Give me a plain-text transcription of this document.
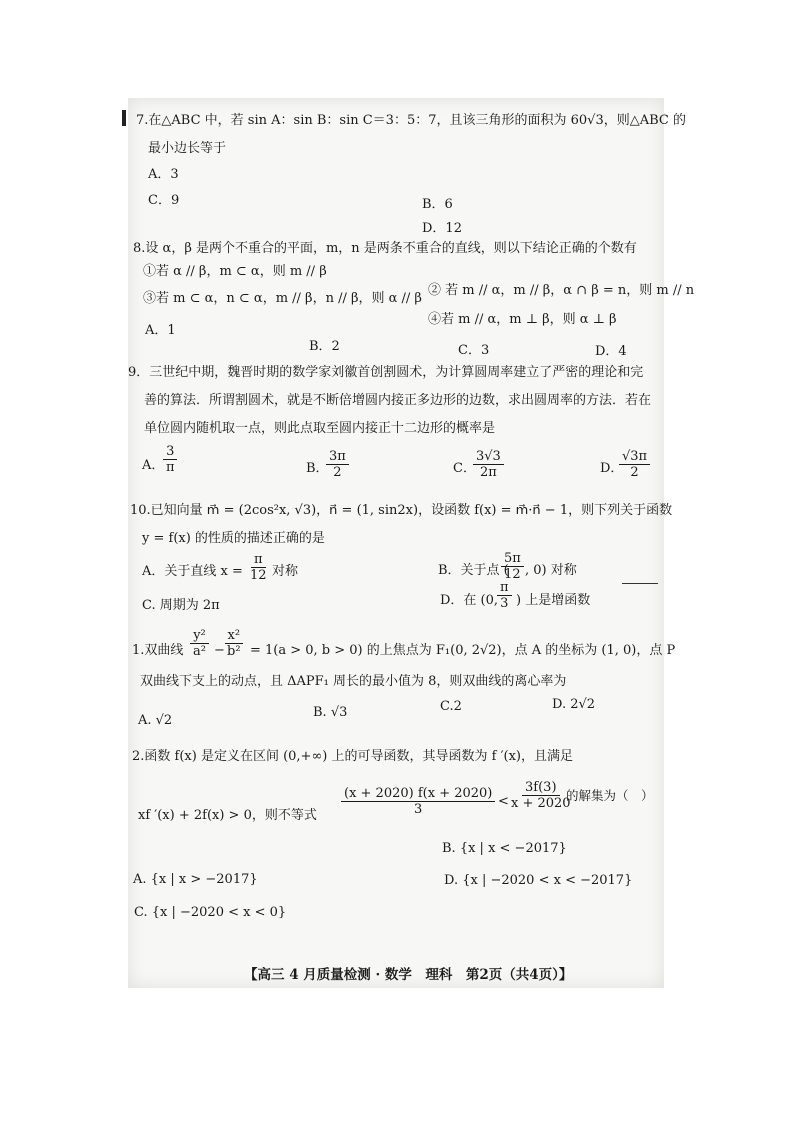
7.在△ABC 中，若 sin A：sin B：sin C＝3：5：7，且该三角形的面积为 60√3，则△ABC 的
最小边长等于
A．3
B．6
C．9
D．12
8.设 α，β 是两个不重合的平面，m，n 是两条不重合的直线，则以下结论正确的个数有
①若 α // β，m ⊂ α，则 m // β
② 若 m // α，m // β，α ∩ β = n，则 m // n
③若 m ⊂ α，n ⊂ α，m // β，n // β，则 α // β
④若 m // α，m ⊥ β，则 α ⊥ β
A．1
B．2	C．3	D．4
9．三世纪中期，魏晋时期的数学家刘徽首创割圆术，为计算圆周率建立了严密的理论和完
善的算法．所谓割圆术，就是不断倍增圆内接正多边形的边数，求出圆周率的方法．若在
单位圆内随机取一点，则此点取至圆内接正十二边形的概率是
A．
$\frac{3}{\pi}$	B．
$\frac{3\pi}{2}$	C．
$\frac{3√3}{2\pi}$	D．
$\frac{√3\pi}{2}$
10.已知向量 m⃗ = (2cos²x, √3)，n⃗ = (1, sin2x)，设函数 f(x) = m⃗·n⃗ − 1，则下列关于函数
y = f(x) 的性质的描述正确的是
A．关于直线 $x = \frac{\pi}{12}$ 对称	B．关于点 (
$\frac{5\pi}{12}$ , 0) 对称
C. 周期为 2π	D．在 (0,
$\frac{\pi}{3}$ ) 上是增函数
1.双曲线 $\frac{\text{y²}}{\text{a²}} - \frac{\text{x²}}{\text{b²}} = 1(a > 0$, b > 0) 的上焦点为 F₁(0, 2√2)，点 A 的坐标为 (1, 0)，点 P
双曲线下支上的动点，且 ΔAPF₁ 周长的最小值为 8，则双曲线的离心率为
A. √2
B. √3	C.2	D. 2√2
2.函数 f(x) 是定义在区间 (0,+∞) 上的可导函数，其导函数为 f ′(x)，且满足
xf ′(x) + 2f(x) > 0，则不等式 $\frac{(x + 2020) f(x + 2020)}{3} < \frac{3f(3)}{x + 2020}$
的解集为（　）
A. {x | x > −2017}
B. {x | x < −2017}
C. {x | −2020 < x < 0}
D. {x | −2020 < x < −2017}
【高三 4 月质量检测 · 数学　理科　第2页（共4页）】
